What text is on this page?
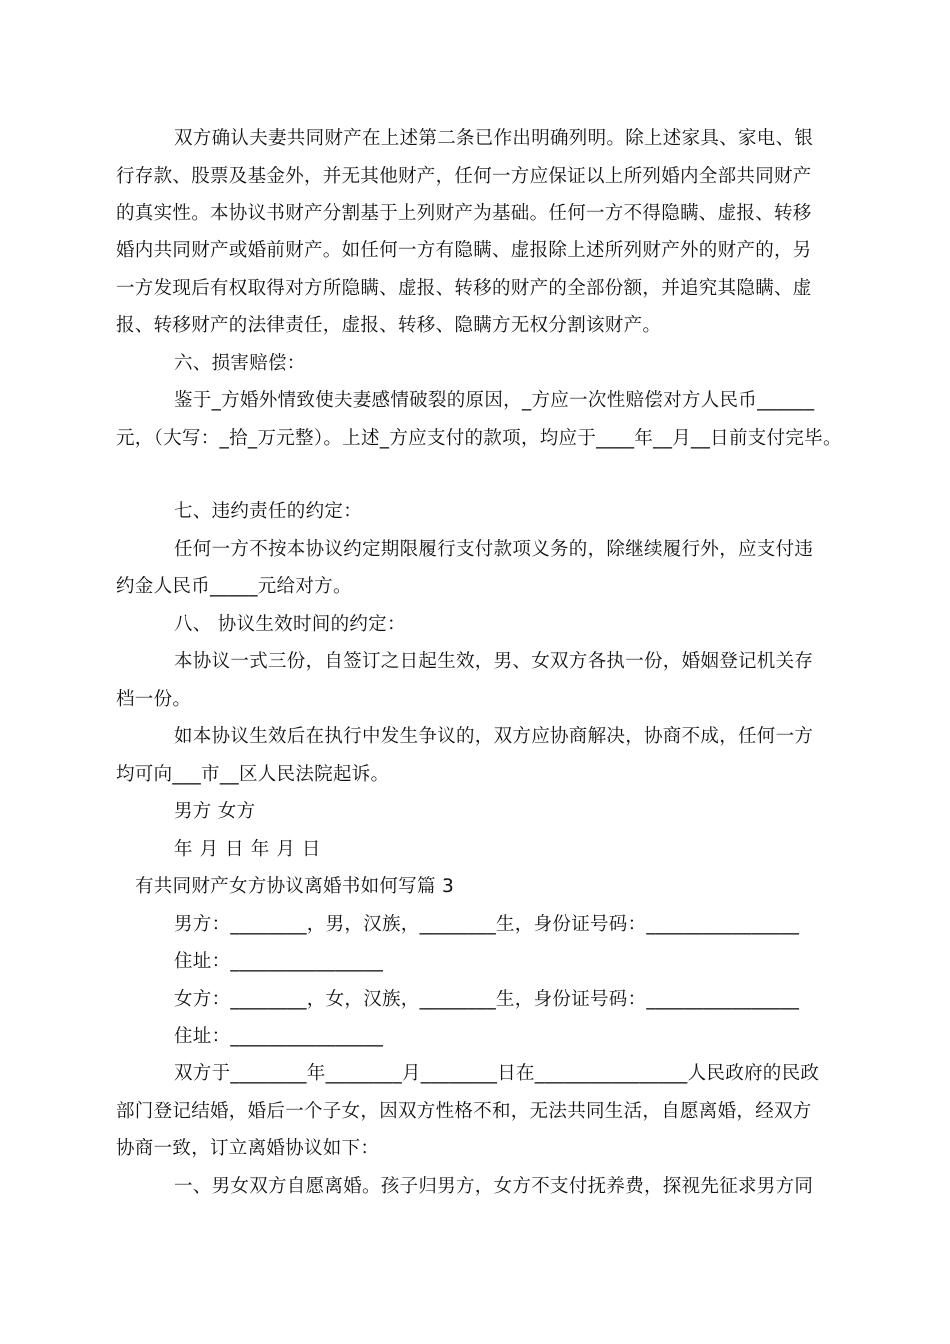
双方确认夫妻共同财产在上述第二条已作出明确列明。除上述家具、家电、银
行存款、股票及基金外，并无其他财产，任何一方应保证以上所列婚内全部共同财产
的真实性。本协议书财产分割基于上列财产为基础。任何一方不得隐瞒、虚报、转移
婚内共同财产或婚前财产。如任何一方有隐瞒、虚报除上述所列财产外的财产的，另
一方发现后有权取得对方所隐瞒、虚报、转移的财产的全部份额，并追究其隐瞒、虚
报、转移财产的法律责任，虚报、转移、隐瞒方无权分割该财产。
六、损害赔偿：
鉴于_方婚外情致使夫妻感情破裂的原因，_方应一次性赔偿对方人民币______
元，（大写：_拾_万元整）。上述_方应支付的款项，均应于____年__月__日前支付完毕。
七、违约责任的约定：
任何一方不按本协议约定期限履行支付款项义务的，除继续履行外，应支付违
约金人民币_____元给对方。
八、 协议生效时间的约定：
本协议一式三份，自签订之日起生效，男、女双方各执一份，婚姻登记机关存
档一份。
如本协议生效后在执行中发生争议的，双方应协商解决，协商不成，任何一方
均可向___市__区人民法院起诉。
男方 女方
年 月 日 年 月 日
有共同财产女方协议离婚书如何写篇 3
男方：________，男，汉族，________生，身份证号码：________________
住址：________________
女方：________，女，汉族，________生，身份证号码：________________
住址：________________
双方于________年________月________日在________________人民政府的民政
部门登记结婚，婚后一个子女，因双方性格不和，无法共同生活，自愿离婚，经双方
协商一致，订立离婚协议如下：
一、男女双方自愿离婚。孩子归男方，女方不支付抚养费，探视先征求男方同
